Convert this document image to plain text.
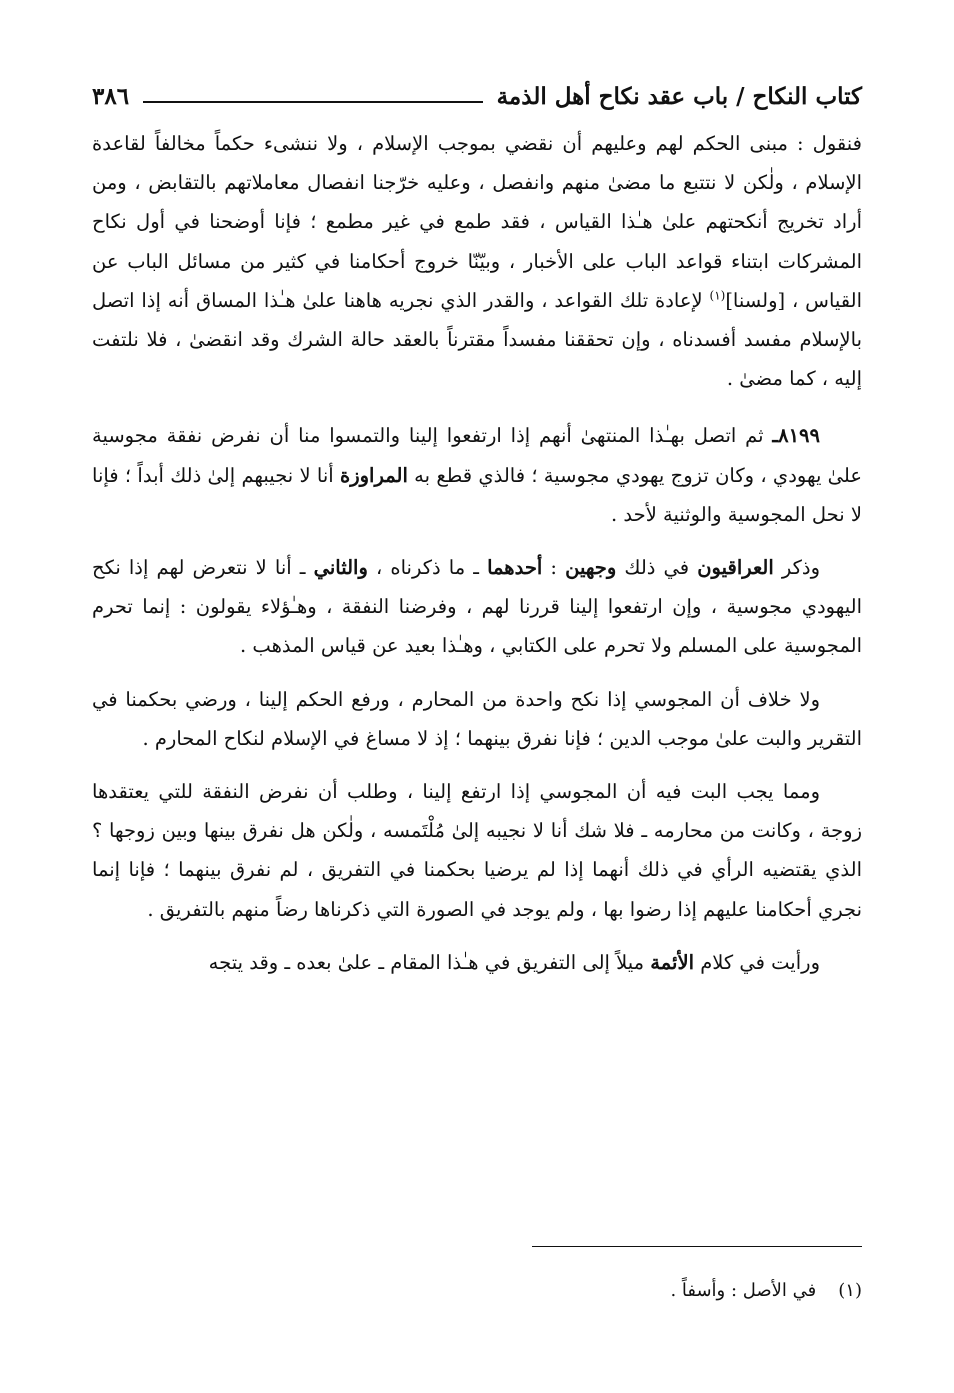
كتاب النكاح / باب عقد نكاح أهل الذمة
٣٨٦

فنقول : مبنى الحكم لهم وعليهم أن نقضي بموجب الإسلام ، ولا ننشىء حكماً مخالفاً لقاعدة الإسلام ، ولٰكن لا نتتبع ما مضىٰ منهم وانفصل ، وعليه خرّجنا انفصال معاملاتهم بالتقابض ، ومن أراد تخريج أنكحتهم علىٰ هـٰذا القياس ، فقد طمع في غير مطمع ؛ فإنا أوضحنا في أول نكاح المشركات ابتناء قواعد الباب على الأخبار ، وبيّنّا خروج أحكامنا في كثير من مسائل الباب عن القياس ، [ولسنا]$^{(١)}$ لإعادة تلك القواعد ، والقدر الذي نجريه هاهنا علىٰ هـٰذا المساق أنه إذا اتصل بالإسلام مفسد أفسدناه ، وإن تحققنا مفسداً مقترناً بالعقد حالة الشرك وقد انقضىٰ ، فلا نلتفت إليه ، كما مضىٰ .

٨١٩٩ـ ثم اتصل بهـٰذا المنتهىٰ أنهم إذا ارتفعوا إلينا والتمسوا منا أن نفرض نفقة مجوسية علىٰ يهودي ، وكان تزوج يهودي مجوسية ؛ فالذي قطع به المراوزة أنا لا نجيبهم إلىٰ ذلك أبداً ؛ فإنا لا نحل المجوسية والوثنية لأحد .

وذكر العراقيون في ذلك وجهين : أحدهما ـ ما ذكرناه ، والثاني ـ أنا لا نتعرض لهم إذا نكح اليهودي مجوسية ، وإن ارتفعوا إلينا قررنا لهم ، وفرضنا النفقة ، وهـٰؤلاء يقولون : إنما تحرم المجوسية على المسلم ولا تحرم على الكتابي ، وهـٰذا بعيد عن قياس المذهب .

ولا خلاف أن المجوسي إذا نكح واحدة من المحارم ، ورفع الحكم إلينا ، ورضي بحكمنا في التقرير والبت علىٰ موجب الدين ؛ فإنا نفرق بينهما ؛ إذ لا مساغ في الإسلام لنكاح المحارم .

ومما يجب البت فيه أن المجوسي إذا ارتفع إلينا ، وطلب أن نفرض النفقة للتي يعتقدها زوجة ، وكانت من محارمه ـ فلا شك أنا لا نجيبه إلىٰ مُلْتَمسه ، ولٰكن هل نفرق بينها وبين زوجها ؟ الذي يقتضيه الرأي في ذلك أنهما إذا لم يرضيا بحكمنا في التفريق ، لم نفرق بينهما ؛ فإنا إنما نجري أحكامنا عليهم إذا رضوا بها ، ولم يوجد في الصورة التي ذكرناها رضاً منهم بالتفريق .

ورأيت في كلام الأئمة ميلاً إلى التفريق في هـٰذا المقام ـ علىٰ بعده ـ وقد يتجه

(١)في الأصل : وأسفاً .
